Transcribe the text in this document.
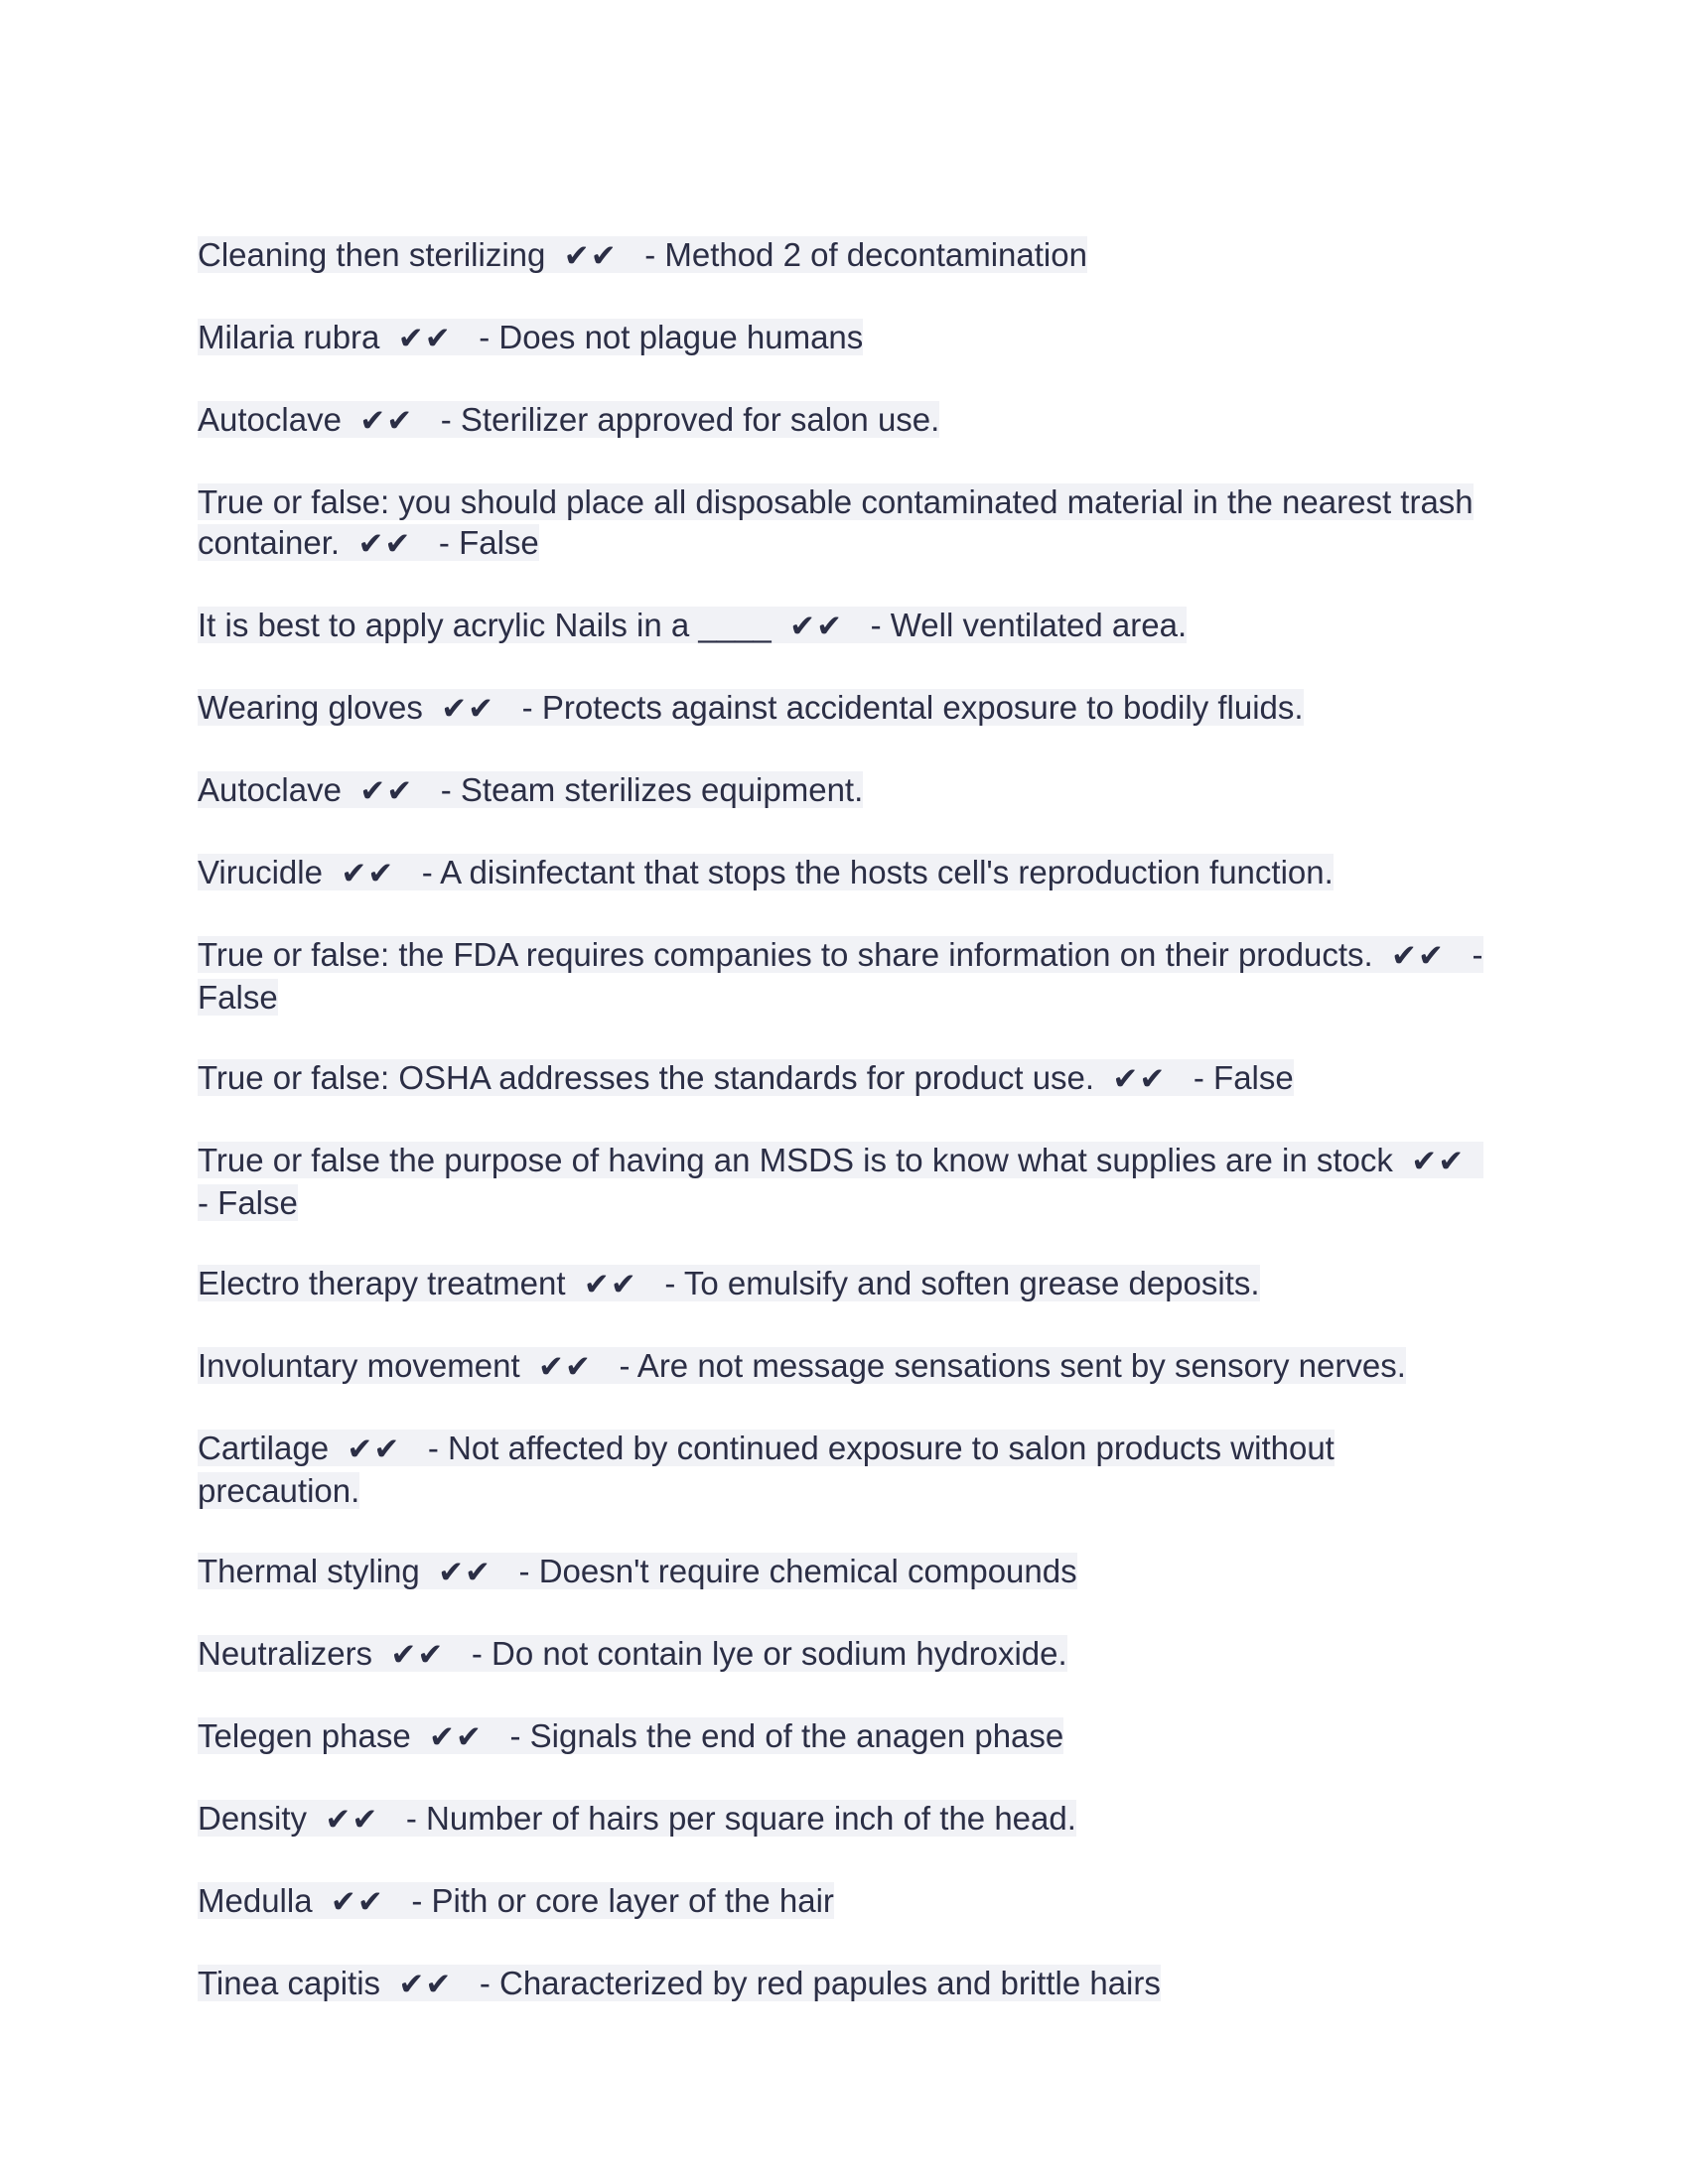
Cleaning then sterilizing ✔✔ - Method 2 of decontamination

Milaria rubra ✔✔ - Does not plague humans

Autoclave ✔✔ - Sterilizer approved for salon use.

True or false: you should place all disposable contaminated material in the nearest trash container. ✔✔ - False

It is best to apply acrylic Nails in a ____ ✔✔ - Well ventilated area.

Wearing gloves ✔✔ - Protects against accidental exposure to bodily fluids.

Autoclave ✔✔ - Steam sterilizes equipment.

Virucidle ✔✔ - A disinfectant that stops the hosts cell's reproduction function.

True or false: the FDA requires companies to share information on their products. ✔✔ - False

True or false: OSHA addresses the standards for product use. ✔✔ - False

True or false the purpose of having an MSDS is to know what supplies are in stock ✔✔   - False

Electro therapy treatment ✔✔ - To emulsify and soften grease deposits.

Involuntary movement ✔✔ - Are not message sensations sent by sensory nerves.

Cartilage ✔✔ - Not affected by continued exposure to salon products without precaution.

Thermal styling ✔✔ - Doesn't require chemical compounds

Neutralizers ✔✔ - Do not contain lye or sodium hydroxide.

Telegen phase ✔✔ - Signals the end of the anagen phase

Density ✔✔ - Number of hairs per square inch of the head.

Medulla ✔✔ - Pith or core layer of the hair

Tinea capitis ✔✔ - Characterized by red papules and brittle hairs
